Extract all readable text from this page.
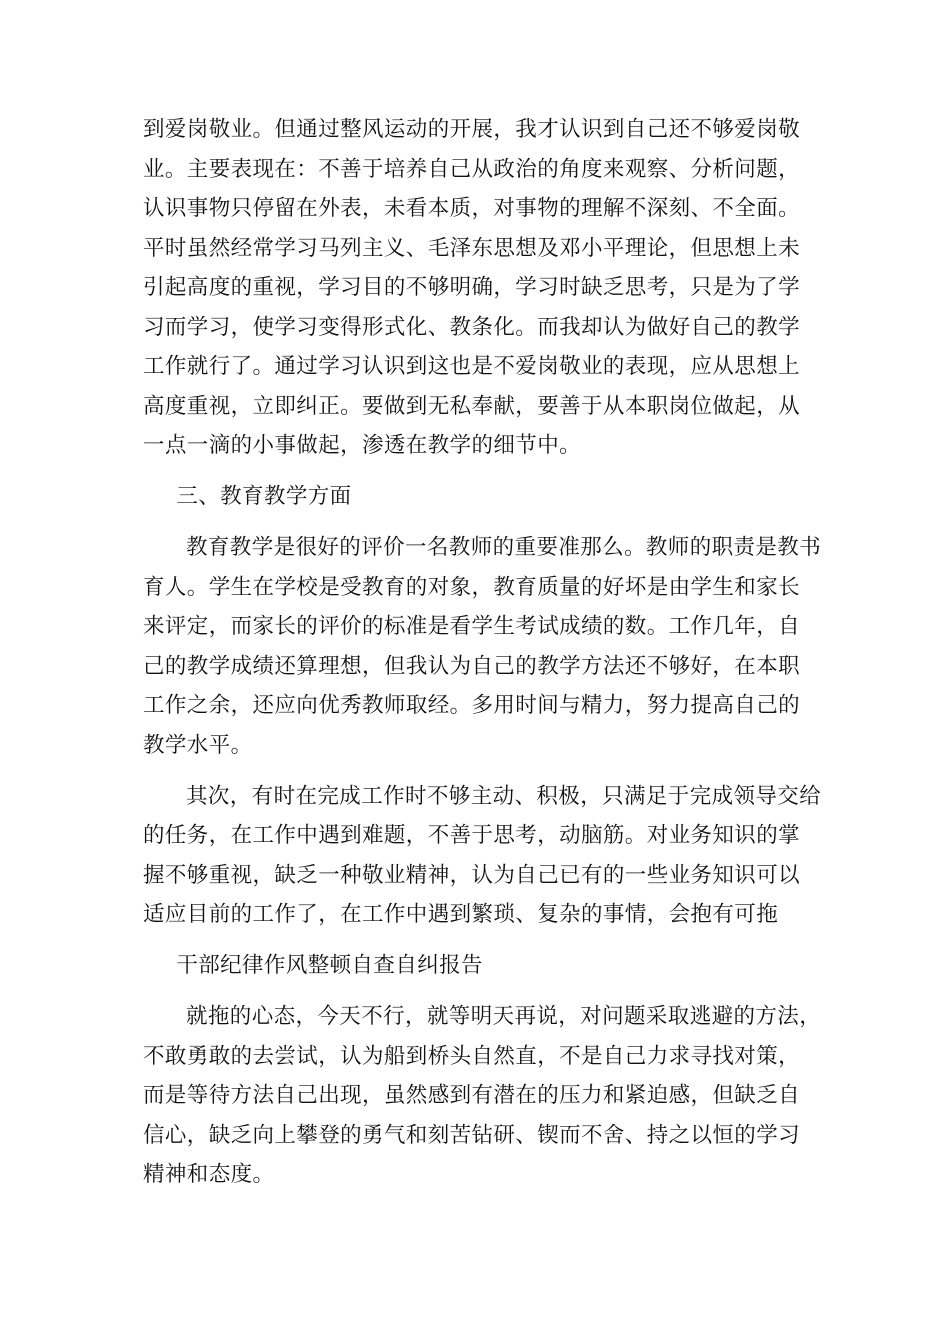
到爱岗敬业。但通过整风运动的开展，我才认识到自己还不够爱岗敬
业。主要表现在：不善于培养自己从政治的角度来观察、分析问题，
认识事物只停留在外表，未看本质，对事物的理解不深刻、不全面。
平时虽然经常学习马列主义、毛泽东思想及邓小平理论，但思想上未
引起高度的重视，学习目的不够明确，学习时缺乏思考，只是为了学
习而学习，使学习变得形式化、教条化。而我却认为做好自己的教学
工作就行了。通过学习认识到这也是不爱岗敬业的表现，应从思想上
高度重视，立即纠正。要做到无私奉献，要善于从本职岗位做起，从
一点一滴的小事做起，渗透在教学的细节中。

三、教育教学方面

教育教学是很好的评价一名教师的重要准那么。教师的职责是教书
育人。学生在学校是受教育的对象，教育质量的好坏是由学生和家长
来评定，而家长的评价的标准是看学生考试成绩的数。工作几年，自
己的教学成绩还算理想，但我认为自己的教学方法还不够好，在本职
工作之余，还应向优秀教师取经。多用时间与精力，努力提高自己的
教学水平。

其次，有时在完成工作时不够主动、积极，只满足于完成领导交给
的任务，在工作中遇到难题，不善于思考，动脑筋。对业务知识的掌
握不够重视，缺乏一种敬业精神，认为自己已有的一些业务知识可以
适应目前的工作了，在工作中遇到繁琐、复杂的事情，会抱有可拖

干部纪律作风整顿自查自纠报告

就拖的心态，今天不行，就等明天再说，对问题采取逃避的方法，
不敢勇敢的去尝试，认为船到桥头自然直，不是自己力求寻找对策，
而是等待方法自己出现，虽然感到有潜在的压力和紧迫感，但缺乏自
信心，缺乏向上攀登的勇气和刻苦钻研、锲而不舍、持之以恒的学习
精神和态度。
